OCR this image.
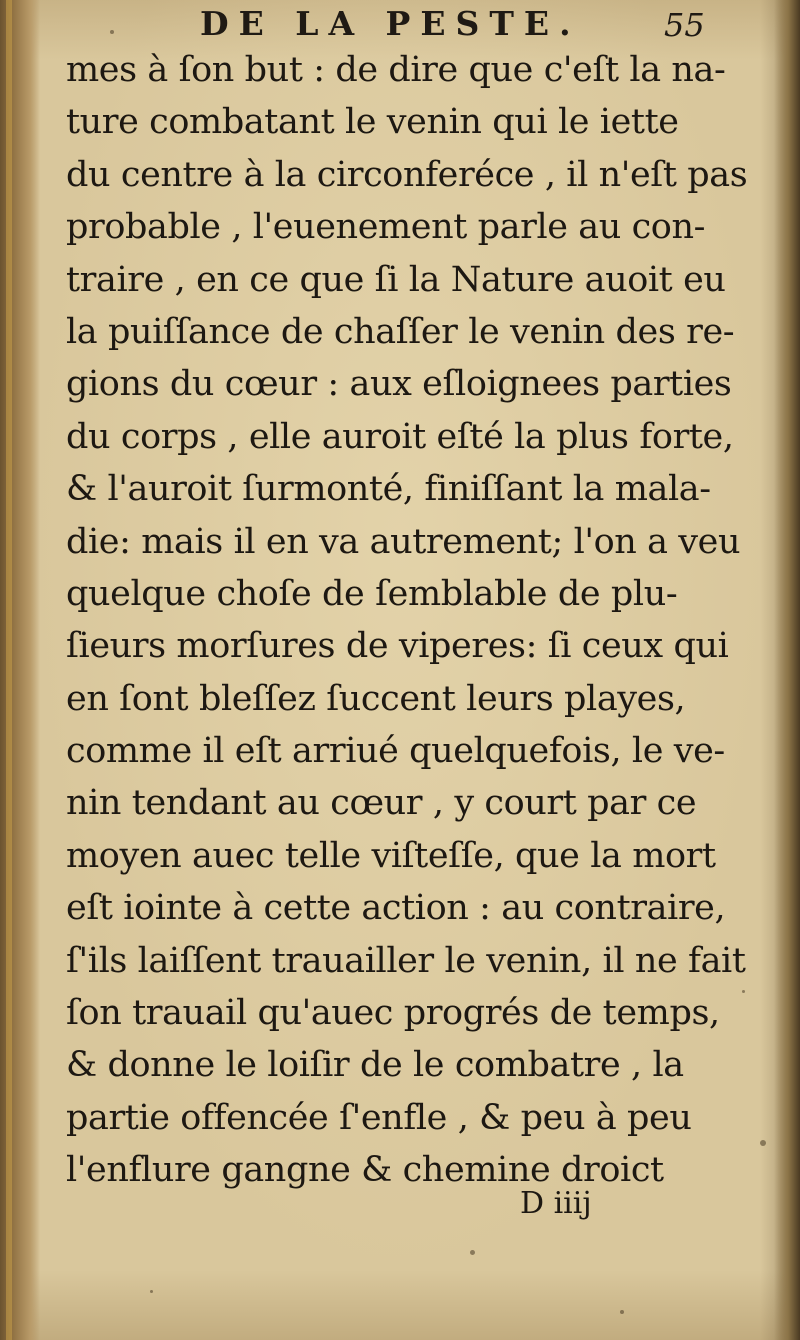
DE LA PESTE.	55
mes à ſon but : de dire que c'eſt la na-
ture combatant le venin qui le iette
du centre à la circonferéce , il n'eſt pas
probable , l'euenement parle au con-
traire , en ce que ſi la Nature auoit eu
la puiſſance de chaſſer le venin des re-
gions du cœur : aux eſloignees parties
du corps , elle auroit eſté la plus forte,
& l'auroit ſurmonté, finiſſant la mala-
die: mais il en va autrement; l'on a veu
quelque choſe de ſemblable de plu-
ſieurs morſures de viperes: ſi ceux qui
en ſont bleſſez ſuccent leurs playes,
comme il eſt arriué quelquefois, le ve-
nin tendant au cœur , y court par ce
moyen auec telle viſteſſe, que la mort
eſt iointe à cette action : au contraire,
ſ'ils laiſſent trauailler le venin, il ne fait
ſon trauail qu'auec progrés de temps,
& donne le loiſir de le combatre , la
partie offencée ſ'enfle , & peu à peu
l'enflure gangne & chemine droict
D iiij
